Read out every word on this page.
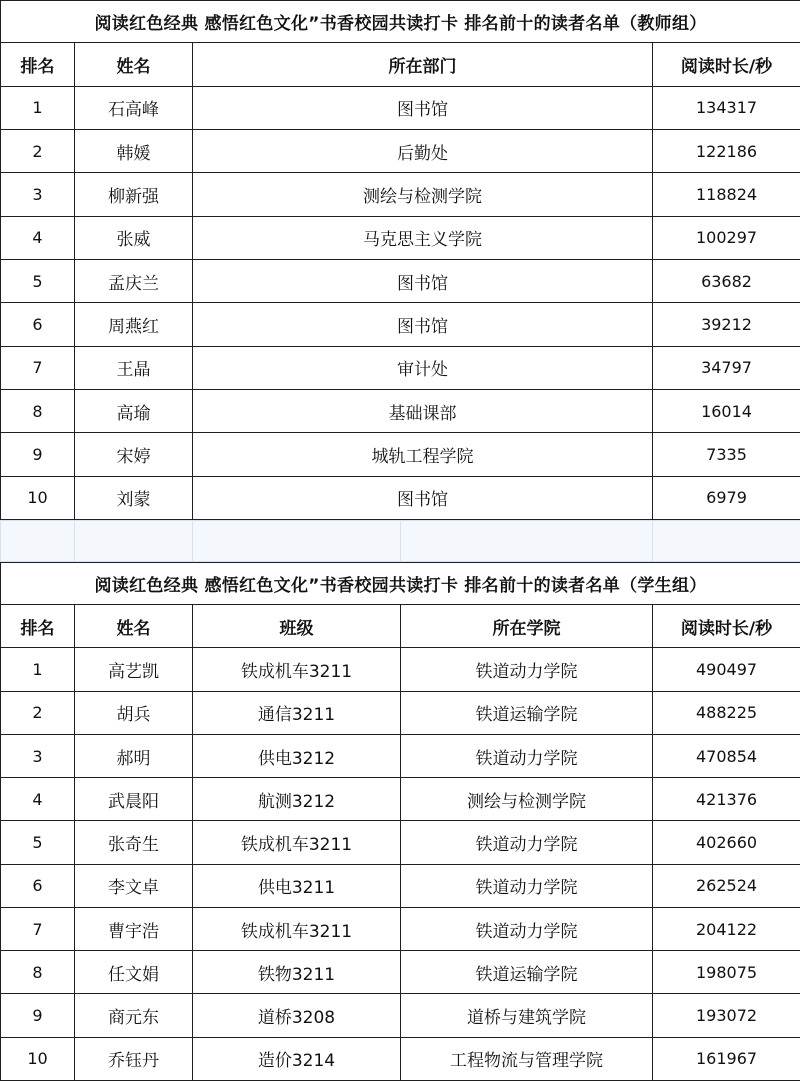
阅读红色经典 感悟红色文化”书香校园共读打卡 排名前十的读者名单（教师组）			
排名	姓名	所在部门	阅读时长/秒
1	石高峰	图书馆	134317
2	韩媛	后勤处	122186
3	柳新强	测绘与检测学院	118824
4	张威	马克思主义学院	100297
5	孟庆兰	图书馆	63682
6	周燕红	图书馆	39212
7	王晶	审计处	34797
8	高瑜	基础课部	16014
9	宋婷	城轨工程学院	7335
10	刘蒙	图书馆	6979

阅读红色经典 感悟红色文化”书香校园共读打卡 排名前十的读者名单（学生组）				
排名	姓名	班级	所在学院	阅读时长/秒
1	高艺凯	铁成机车3211	铁道动力学院	490497
2	胡兵	通信3211	铁道运输学院	488225
3	郝明	供电3212	铁道动力学院	470854
4	武晨阳	航测3212	测绘与检测学院	421376
5	张奇生	铁成机车3211	铁道动力学院	402660
6	李文卓	供电3211	铁道动力学院	262524
7	曹宇浩	铁成机车3211	铁道动力学院	204122
8	任文娟	铁物3211	铁道运输学院	198075
9	商元东	道桥3208	道桥与建筑学院	193072
10	乔钰丹	造价3214	工程物流与管理学院	161967
